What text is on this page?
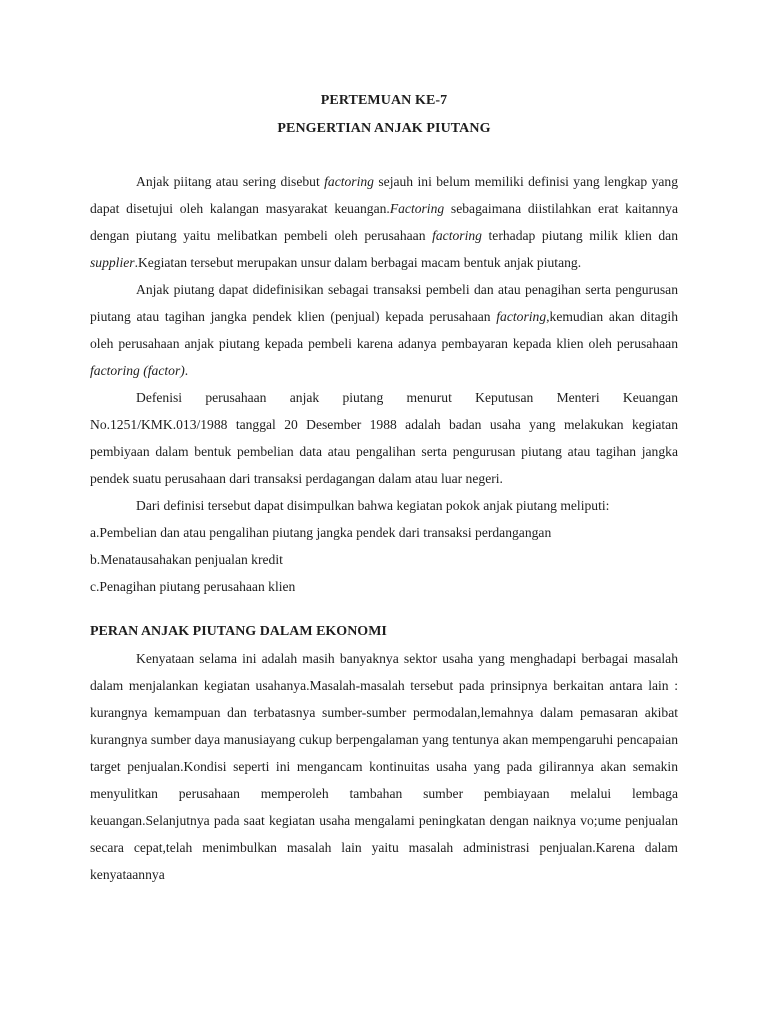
PERTEMUAN KE-7
PENGERTIAN ANJAK PIUTANG

Anjak piitang atau sering disebut factoring sejauh ini belum memiliki definisi yang lengkap yang dapat disetujui oleh kalangan masyarakat keuangan.Factoring sebagaimana diistilahkan erat kaitannya dengan piutang yaitu melibatkan pembeli oleh perusahaan factoring terhadap piutang milik klien dan supplier.Kegiatan tersebut merupakan unsur dalam berbagai macam bentuk anjak piutang.

Anjak piutang dapat didefinisikan sebagai transaksi pembeli dan atau penagihan serta pengurusan piutang atau tagihan jangka pendek klien (penjual) kepada perusahaan factoring,kemudian akan ditagih oleh perusahaan anjak piutang kepada pembeli karena adanya pembayaran kepada klien oleh perusahaan factoring (factor).

Defenisi perusahaan anjak piutang menurut Keputusan Menteri Keuangan No.1251/KMK.013/1988 tanggal 20 Desember 1988 adalah badan usaha yang melakukan kegiatan pembiyaan dalam bentuk pembelian data atau pengalihan serta pengurusan piutang atau tagihan jangka pendek suatu perusahaan dari transaksi perdagangan dalam atau luar negeri.

Dari definisi tersebut dapat disimpulkan bahwa kegiatan pokok anjak piutang meliputi:

a.Pembelian dan atau pengalihan piutang jangka pendek dari transaksi perdangangan
b.Menatausahakan penjualan kredit
c.Penagihan piutang perusahaan klien
PERAN ANJAK PIUTANG DALAM EKONOMI

Kenyataan selama ini adalah masih banyaknya sektor usaha yang menghadapi berbagai masalah dalam menjalankan kegiatan usahanya.Masalah-masalah tersebut pada prinsipnya berkaitan antara lain : kurangnya kemampuan dan terbatasnya sumber-sumber permodalan,lemahnya dalam pemasaran akibat kurangnya sumber daya manusiayang cukup berpengalaman yang tentunya akan mempengaruhi pencapaian target penjualan.Kondisi seperti ini mengancam kontinuitas usaha yang pada gilirannya akan semakin menyulitkan perusahaan memperoleh tambahan sumber pembiayaan melalui lembaga keuangan.Selanjutnya pada saat kegiatan usaha mengalami peningkatan dengan naiknya vo;ume penjualan secara cepat,telah menimbulkan masalah lain yaitu masalah administrasi penjualan.Karena dalam kenyataannya
